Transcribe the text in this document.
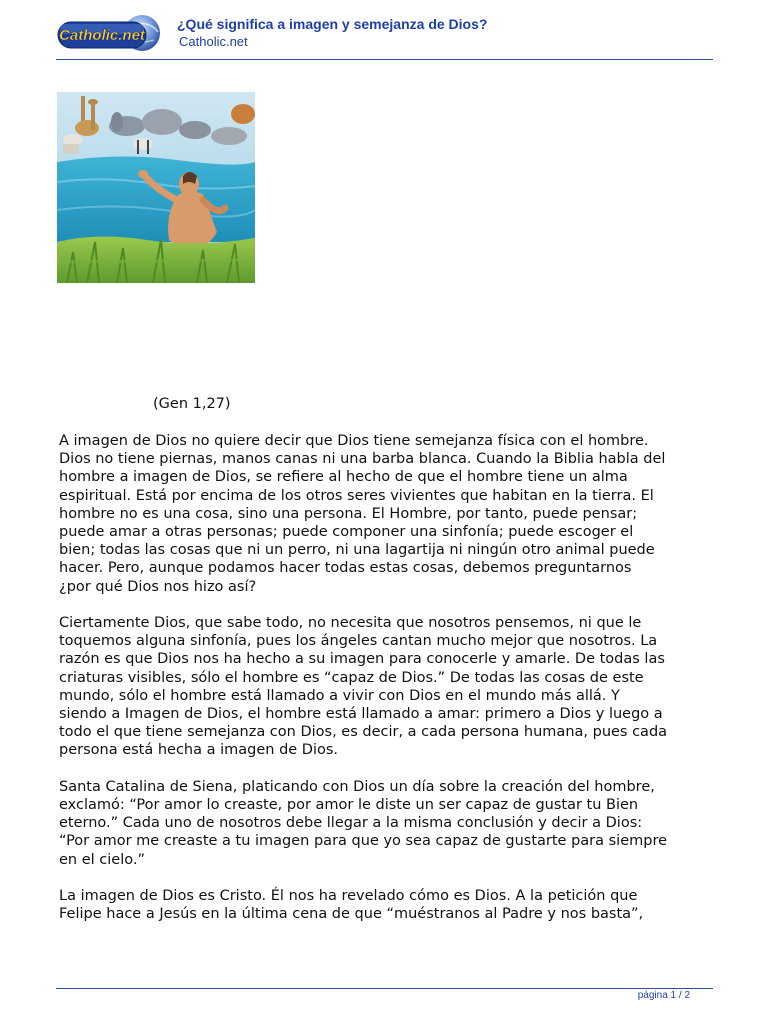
Catholic.net
¿Qué significa a imagen y semejanza de Dios?
Catholic.net
(Gen 1,27)

A imagen de Dios no quiere decir que Dios tiene semejanza física con el hombre.
Dios no tiene piernas, manos canas ni una barba blanca. Cuando la Biblia habla del
hombre a imagen de Dios, se refiere al hecho de que el hombre tiene un alma
espiritual. Está por encima de los otros seres vivientes que habitan en la tierra. El
hombre no es una cosa, sino una persona. El Hombre, por tanto, puede pensar;
puede amar a otras personas; puede componer una sinfonía; puede escoger el
bien; todas las cosas que ni un perro, ni una lagartija ni ningún otro animal puede
hacer. Pero, aunque podamos hacer todas estas cosas, debemos preguntarnos
¿por qué Dios nos hizo así?

Ciertamente Dios, que sabe todo, no necesita que nosotros pensemos, ni que le
toquemos alguna sinfonía, pues los ángeles cantan mucho mejor que nosotros. La
razón es que Dios nos ha hecho a su imagen para conocerle y amarle. De todas las
criaturas visibles, sólo el hombre es “capaz de Dios.” De todas las cosas de este
mundo, sólo el hombre está llamado a vivir con Dios en el mundo más allá. Y
siendo a Imagen de Dios, el hombre está llamado a amar: primero a Dios y luego a
todo el que tiene semejanza con Dios, es decir, a cada persona humana, pues cada
persona está hecha a imagen de Dios.

Santa Catalina de Siena, platicando con Dios un día sobre la creación del hombre,
exclamó: “Por amor lo creaste, por amor le diste un ser capaz de gustar tu Bien
eterno.” Cada uno de nosotros debe llegar a la misma conclusión y decir a Dios:
“Por amor me creaste a tu imagen para que yo sea capaz de gustarte para siempre
en el cielo.”

La imagen de Dios es Cristo. Él nos ha revelado cómo es Dios. A la petición que
Felipe hace a Jesús en la última cena de que “muéstranos al Padre y nos basta”,

página 1 / 2
